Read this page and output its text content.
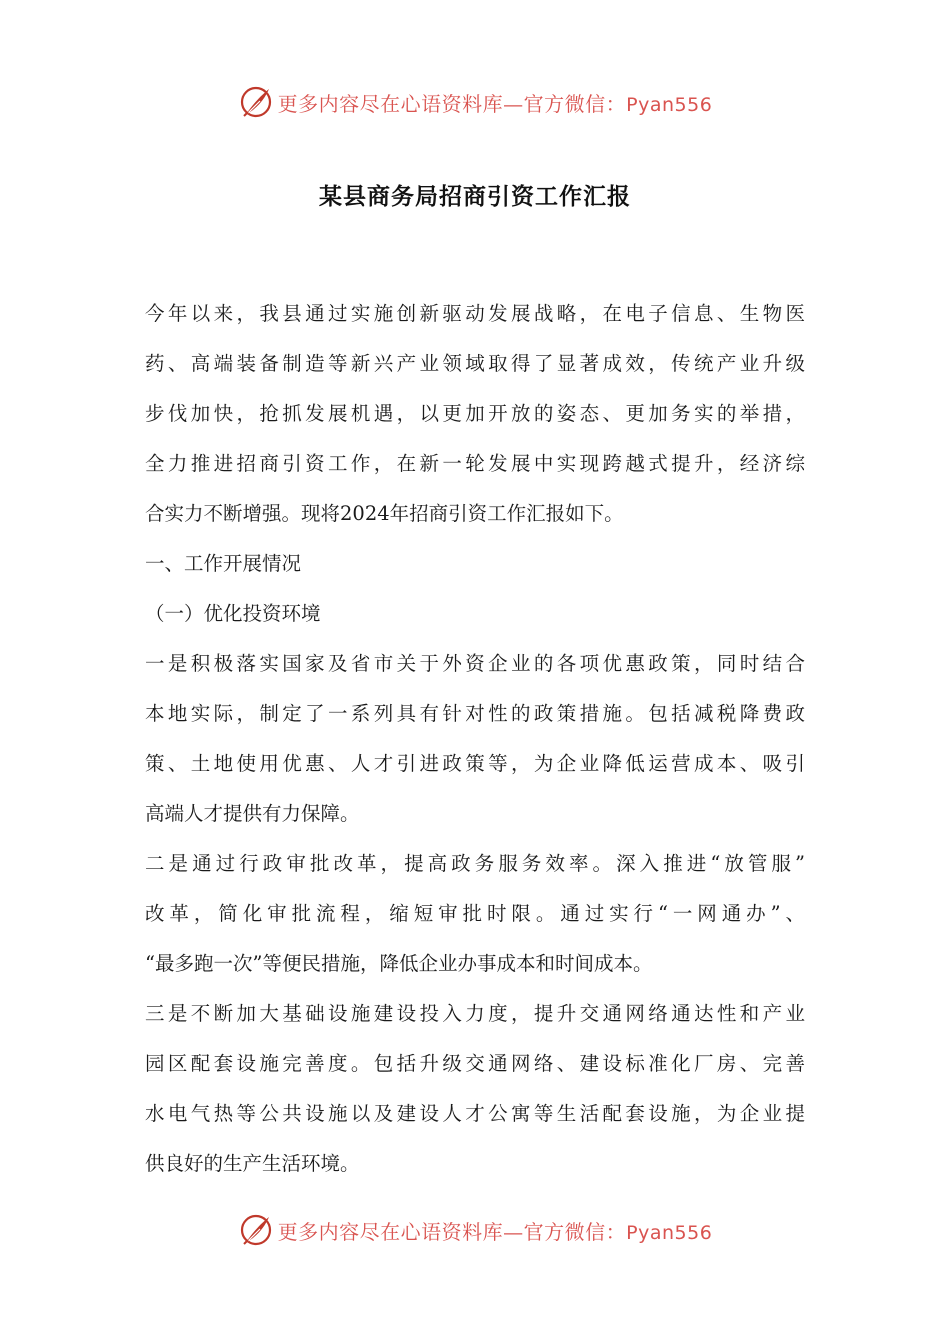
更多内容尽在心语资料库—官方微信：Pyan556
某县商务局招商引资工作汇报
今年以来，我县通过实施创新驱动发展战略，在电子信息、生物医
药、高端装备制造等新兴产业领域取得了显著成效，传统产业升级
步伐加快，抢抓发展机遇，以更加开放的姿态、更加务实的举措，
全力推进招商引资工作，在新一轮发展中实现跨越式提升，经济综
合实力不断增强。现将2024年招商引资工作汇报如下。
一、工作开展情况
（一）优化投资环境
一是积极落实国家及省市关于外资企业的各项优惠政策，同时结合
本地实际，制定了一系列具有针对性的政策措施。包括减税降费政
策、土地使用优惠、人才引进政策等，为企业降低运营成本、吸引
高端人才提供有力保障。
二是通过行政审批改革，提高政务服务效率。深入推进“放管服”
改革，简化审批流程，缩短审批时限。通过实行“一网通办”、
“最多跑一次”等便民措施，降低企业办事成本和时间成本。
三是不断加大基础设施建设投入力度，提升交通网络通达性和产业
园区配套设施完善度。包括升级交通网络、建设标准化厂房、完善
水电气热等公共设施以及建设人才公寓等生活配套设施，为企业提
供良好的生产生活环境。
更多内容尽在心语资料库—官方微信：Pyan556
